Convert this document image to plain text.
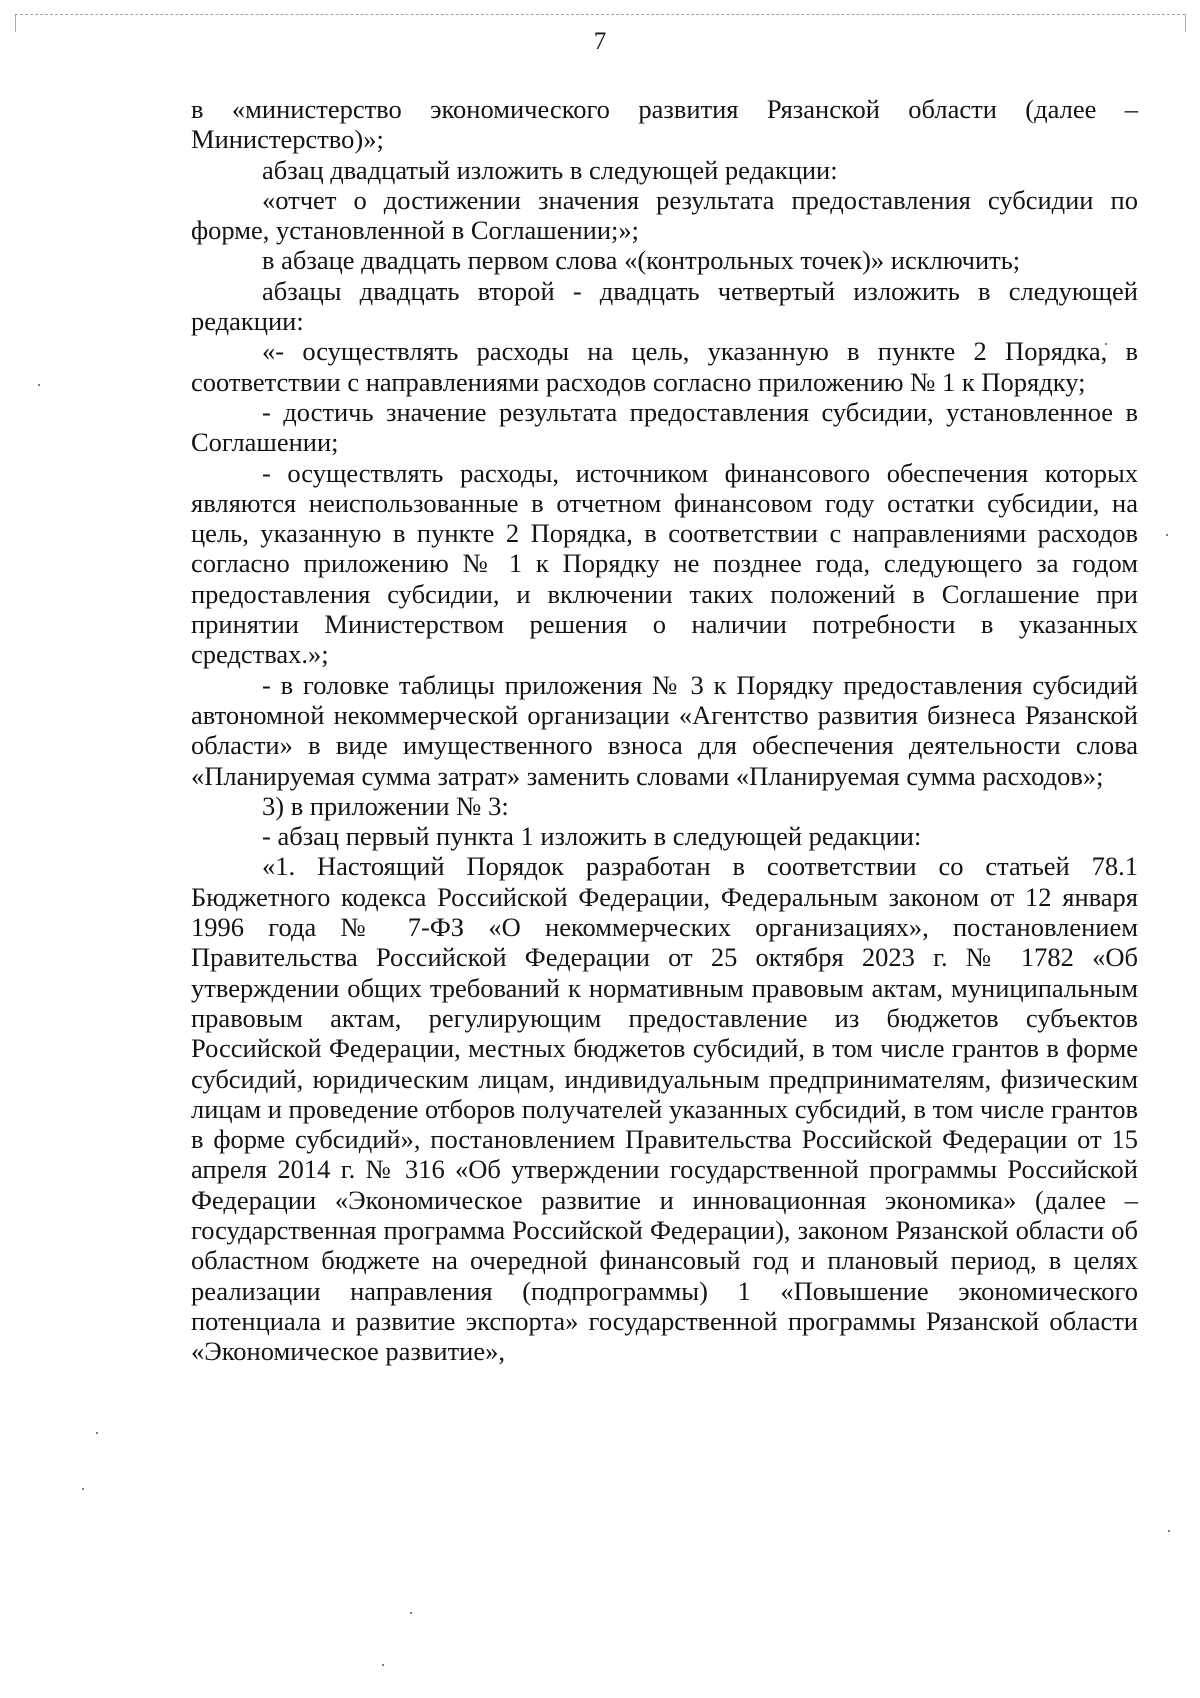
7

в «министерство экономического развития Рязанской области (далее – Министерство)»;

абзац двадцатый изложить в следующей редакции:

«отчет о достижении значения результата предоставления субсидии по форме, установленной в Соглашении;»;

в абзаце двадцать первом слова «(контрольных точек)» исключить;

абзацы двадцать второй - двадцать четвертый изложить в следующей редакции:

«- осуществлять расходы на цель, указанную в пункте 2 Порядка, в соответствии с направлениями расходов согласно приложению № 1 к Порядку;

- достичь значение результата предоставления субсидии, установленное в Соглашении;

- осуществлять расходы, источником финансового обеспечения которых являются неиспользованные в отчетном финансовом году остатки субсидии, на цель, указанную в пункте 2 Порядка, в соответствии с направлениями расходов согласно приложению № 1 к Порядку не позднее года, следующего за годом предоставления субсидии, и включении таких положений в Соглашение при принятии Министерством решения о наличии потребности в указанных средствах.»;

- в головке таблицы приложения № 3 к Порядку предоставления субсидий автономной некоммерческой организации «Агентство развития бизнеса Рязанской области» в виде имущественного взноса для обеспечения деятельности слова «Планируемая сумма затрат» заменить словами «Планируемая сумма расходов»;

3) в приложении № 3:

- абзац первый пункта 1 изложить в следующей редакции:

«1. Настоящий Порядок разработан в соответствии со статьей 78.1 Бюджетного кодекса Российской Федерации, Федеральным законом от 12 января 1996 года № 7-ФЗ «О некоммерческих организациях», постановлением Правительства Российской Федерации от 25 октября 2023 г. № 1782 «Об утверждении общих требований к нормативным правовым актам, муниципальным правовым актам, регулирующим предоставление из бюджетов субъектов Российской Федерации, местных бюджетов субсидий, в том числе грантов в форме субсидий, юридическим лицам, индивидуальным предпринимателям, физическим лицам и проведение отборов получателей указанных субсидий, в том числе грантов в форме субсидий», постановлением Правительства Российской Федерации от 15 апреля 2014 г. № 316 «Об утверждении государственной программы Российской Федерации «Экономическое развитие и инновационная экономика» (далее – государственная программа Российской Федерации), законом Рязанской области об областном бюджете на очередной финансовый год и плановый период, в целях реализации направления (подпрограммы) 1 «Повышение экономического потенциала и развитие экспорта» государственной программы Рязанской области «Экономическое развитие»,
